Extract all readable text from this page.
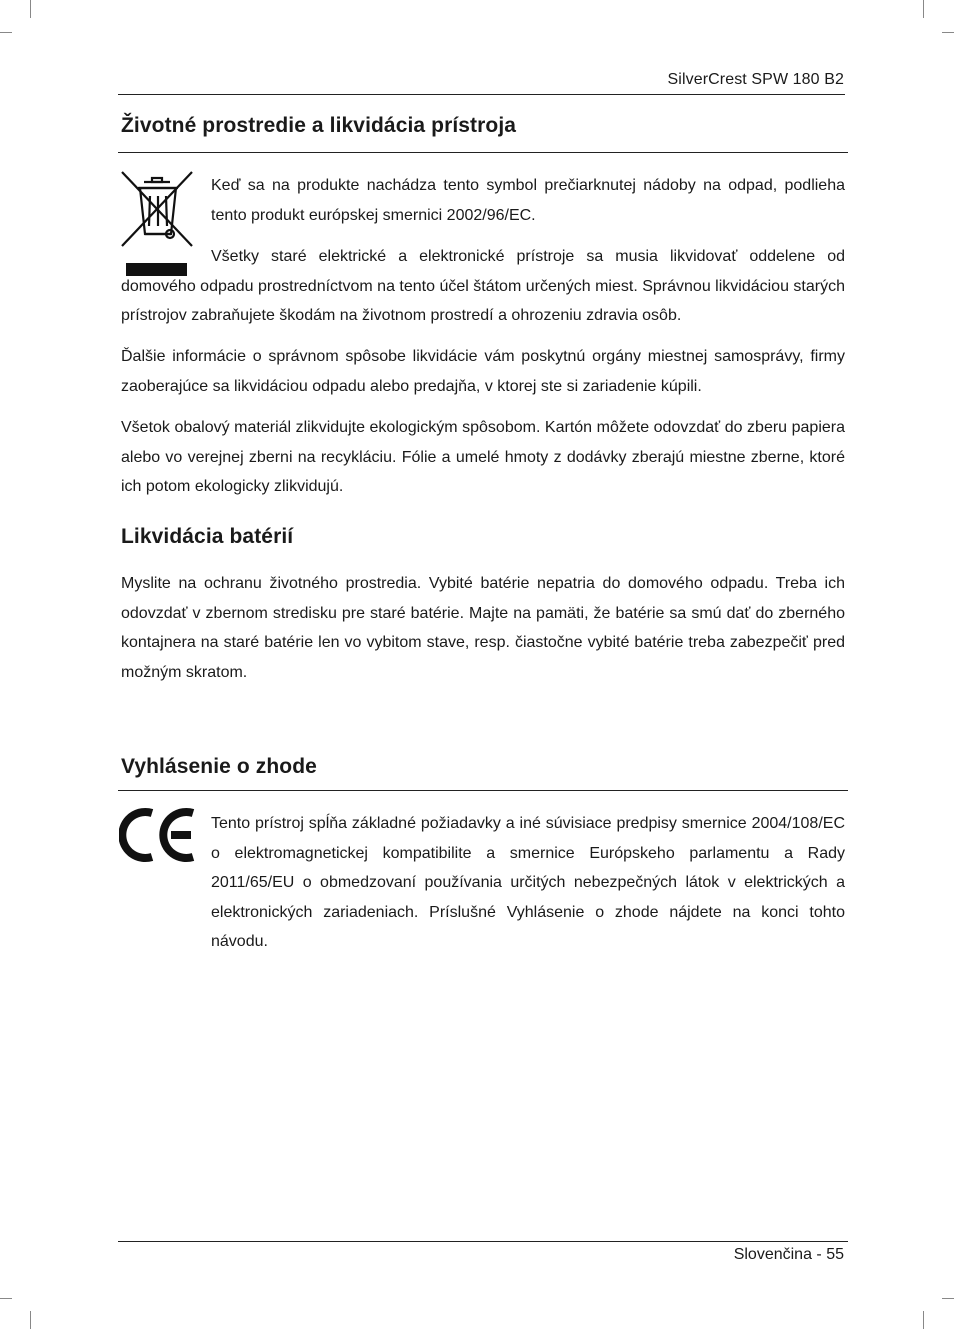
SilverCrest SPW 180 B2
Životné prostredie a likvidácia prístroja

Keď sa na produkte nachádza tento symbol prečiarknutej nádoby na odpad, podlieha tento produkt európskej smernici 2002/96/EC.

Všetky staré elektrické a elektronické prístroje sa musia likvidovať oddelene od domového odpadu prostredníctvom na tento účel štátom určených miest. Správnou likvidáciou starých prístrojov zabraňujete škodám na životnom prostredí a ohrozeniu zdravia osôb.

Ďalšie informácie o správnom spôsobe likvidácie vám poskytnú orgány miestnej samosprávy, firmy zaoberajúce sa likvidáciou odpadu alebo predajňa, v ktorej ste si zariadenie kúpili.

Všetok obalový materiál zlikvidujte ekologickým spôsobom. Kartón môžete odovzdať do zberu papiera alebo vo verejnej zberni na recykláciu. Fólie a umelé hmoty z dodávky zberajú miestne zberne, ktoré ich potom ekologicky zlikvidujú.

Likvidácia batérií

Myslite na ochranu životného prostredia. Vybité batérie nepatria do domového odpadu. Treba ich odovzdať v zbernom stredisku pre staré batérie. Majte na pamäti, že batérie sa smú dať do zberného kontajnera na staré batérie len vo vybitom stave, resp. čiastočne vybité batérie treba zabezpečiť pred možným skratom.

Vyhlásenie o zhode

Tento prístroj spĺňa základné požiadavky a iné súvisiace predpisy smernice 2004/108/EC o elektromagnetickej kompatibilite a smernice Európskeho parlamentu a Rady 2011/65/EU o obmedzovaní používania určitých nebezpečných látok v elektrických a elektronických zariadeniach. Príslušné Vyhlásenie o zhode nájdete na konci tohto návodu.

Slovenčina - 55
